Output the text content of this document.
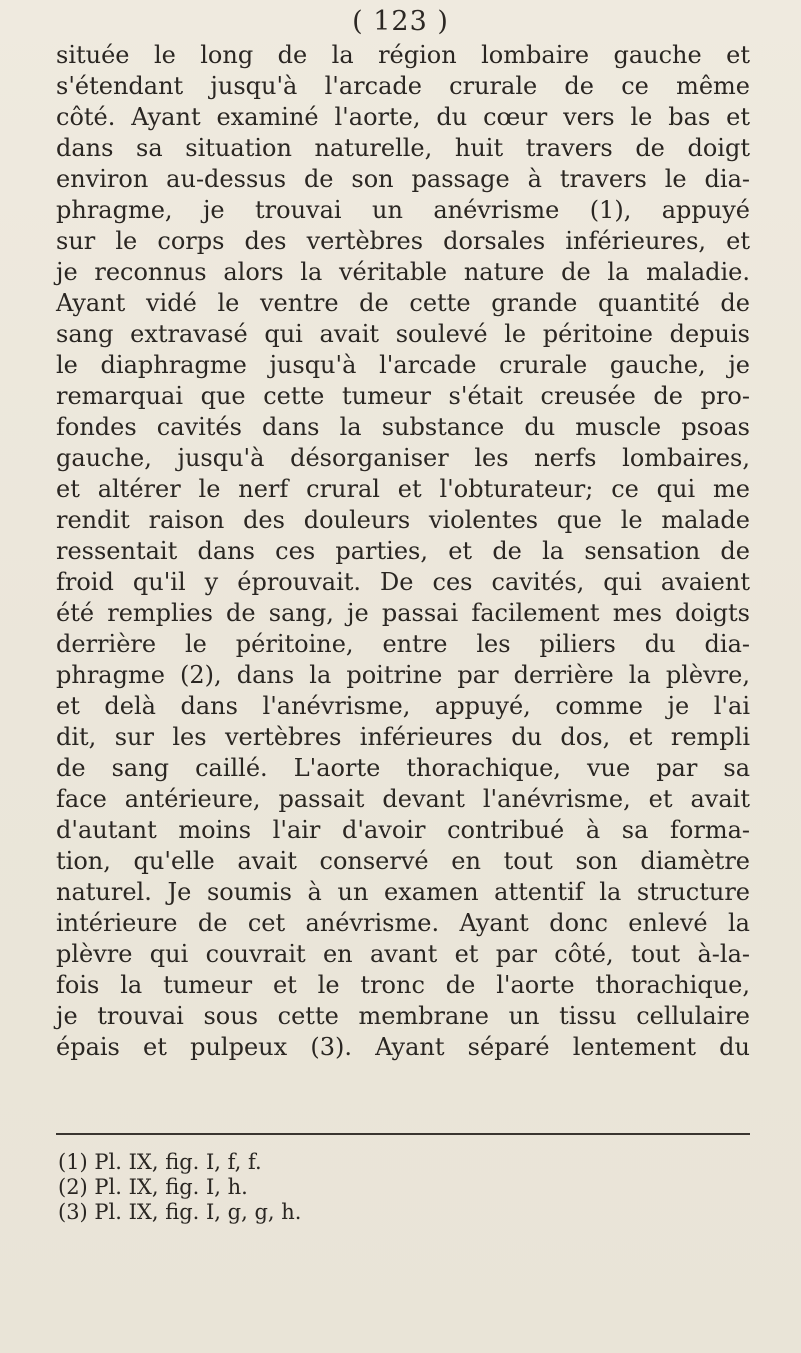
( 123 )
située le long de la région lombaire gauche et
s'étendant jusqu'à l'arcade crurale de ce même
côté. Ayant examiné l'aorte, du cœur vers le bas et
dans sa situation naturelle, huit travers de doigt
environ au-dessus de son passage à travers le dia-
phragme, je trouvai un anévrisme (1), appuyé
sur le corps des vertèbres dorsales inférieures, et
je reconnus alors la véritable nature de la maladie.
Ayant vidé le ventre de cette grande quantité de
sang extravasé qui avait soulevé le péritoine depuis
le diaphragme jusqu'à l'arcade crurale gauche, je
remarquai que cette tumeur s'était creusée de pro-
fondes cavités dans la substance du muscle psoas
gauche, jusqu'à désorganiser les nerfs lombaires,
et altérer le nerf crural et l'obturateur; ce qui me
rendit raison des douleurs violentes que le malade
ressentait dans ces parties, et de la sensation de
froid qu'il y éprouvait. De ces cavités, qui avaient
été remplies de sang, je passai facilement mes doigts
derrière le péritoine, entre les piliers du dia-
phragme (2), dans la poitrine par derrière la plèvre,
et delà dans l'anévrisme, appuyé, comme je l'ai
dit, sur les vertèbres inférieures du dos, et rempli
de sang caillé. L'aorte thorachique, vue par sa
face antérieure, passait devant l'anévrisme, et avait
d'autant moins l'air d'avoir contribué à sa forma-
tion, qu'elle avait conservé en tout son diamètre
naturel. Je soumis à un examen attentif la structure
intérieure de cet anévrisme. Ayant donc enlevé la
plèvre qui couvrait en avant et par côté, tout à-la-
fois la tumeur et le tronc de l'aorte thorachique,
je trouvai sous cette membrane un tissu cellulaire
épais et pulpeux (3). Ayant séparé lentement du
(1) Pl. IX, fig. I, f, f.
(2) Pl. IX, fig. I, h.
(3) Pl. IX, fig. I, g, g, h.
